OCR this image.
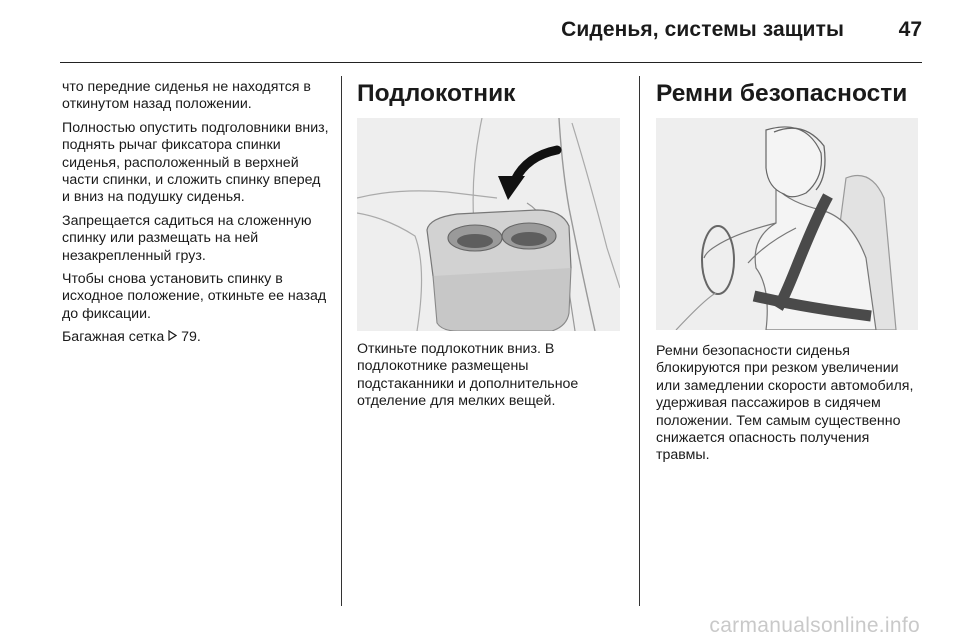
Сиденья, системы защиты	47

что передние сиденья не находятся в откинутом назад положении.

Полностью опустить подголовники вниз, поднять рычаг фиксатора спинки сиденья, расположенный в верхней части спинки, и сложить спинку вперед и вниз на подушку сиденья.

Запрещается садиться на сложенную спинку или размещать на ней незакрепленный груз.

Чтобы снова установить спинку в исходное положение, откиньте ее назад до фиксации.

Багажная сетка 79.

Подлокотник

Откиньте подлокотник вниз. В подлокотнике размещены подстаканники и дополнительное отделение для мелких вещей.

Ремни безопасности

Ремни безопасности сиденья блокируются при резком увеличении или замедлении скорости автомобиля, удерживая пассажиров в сидячем положении. Тем самым существенно снижается опасность получения травмы.

carmanualsonline.info
